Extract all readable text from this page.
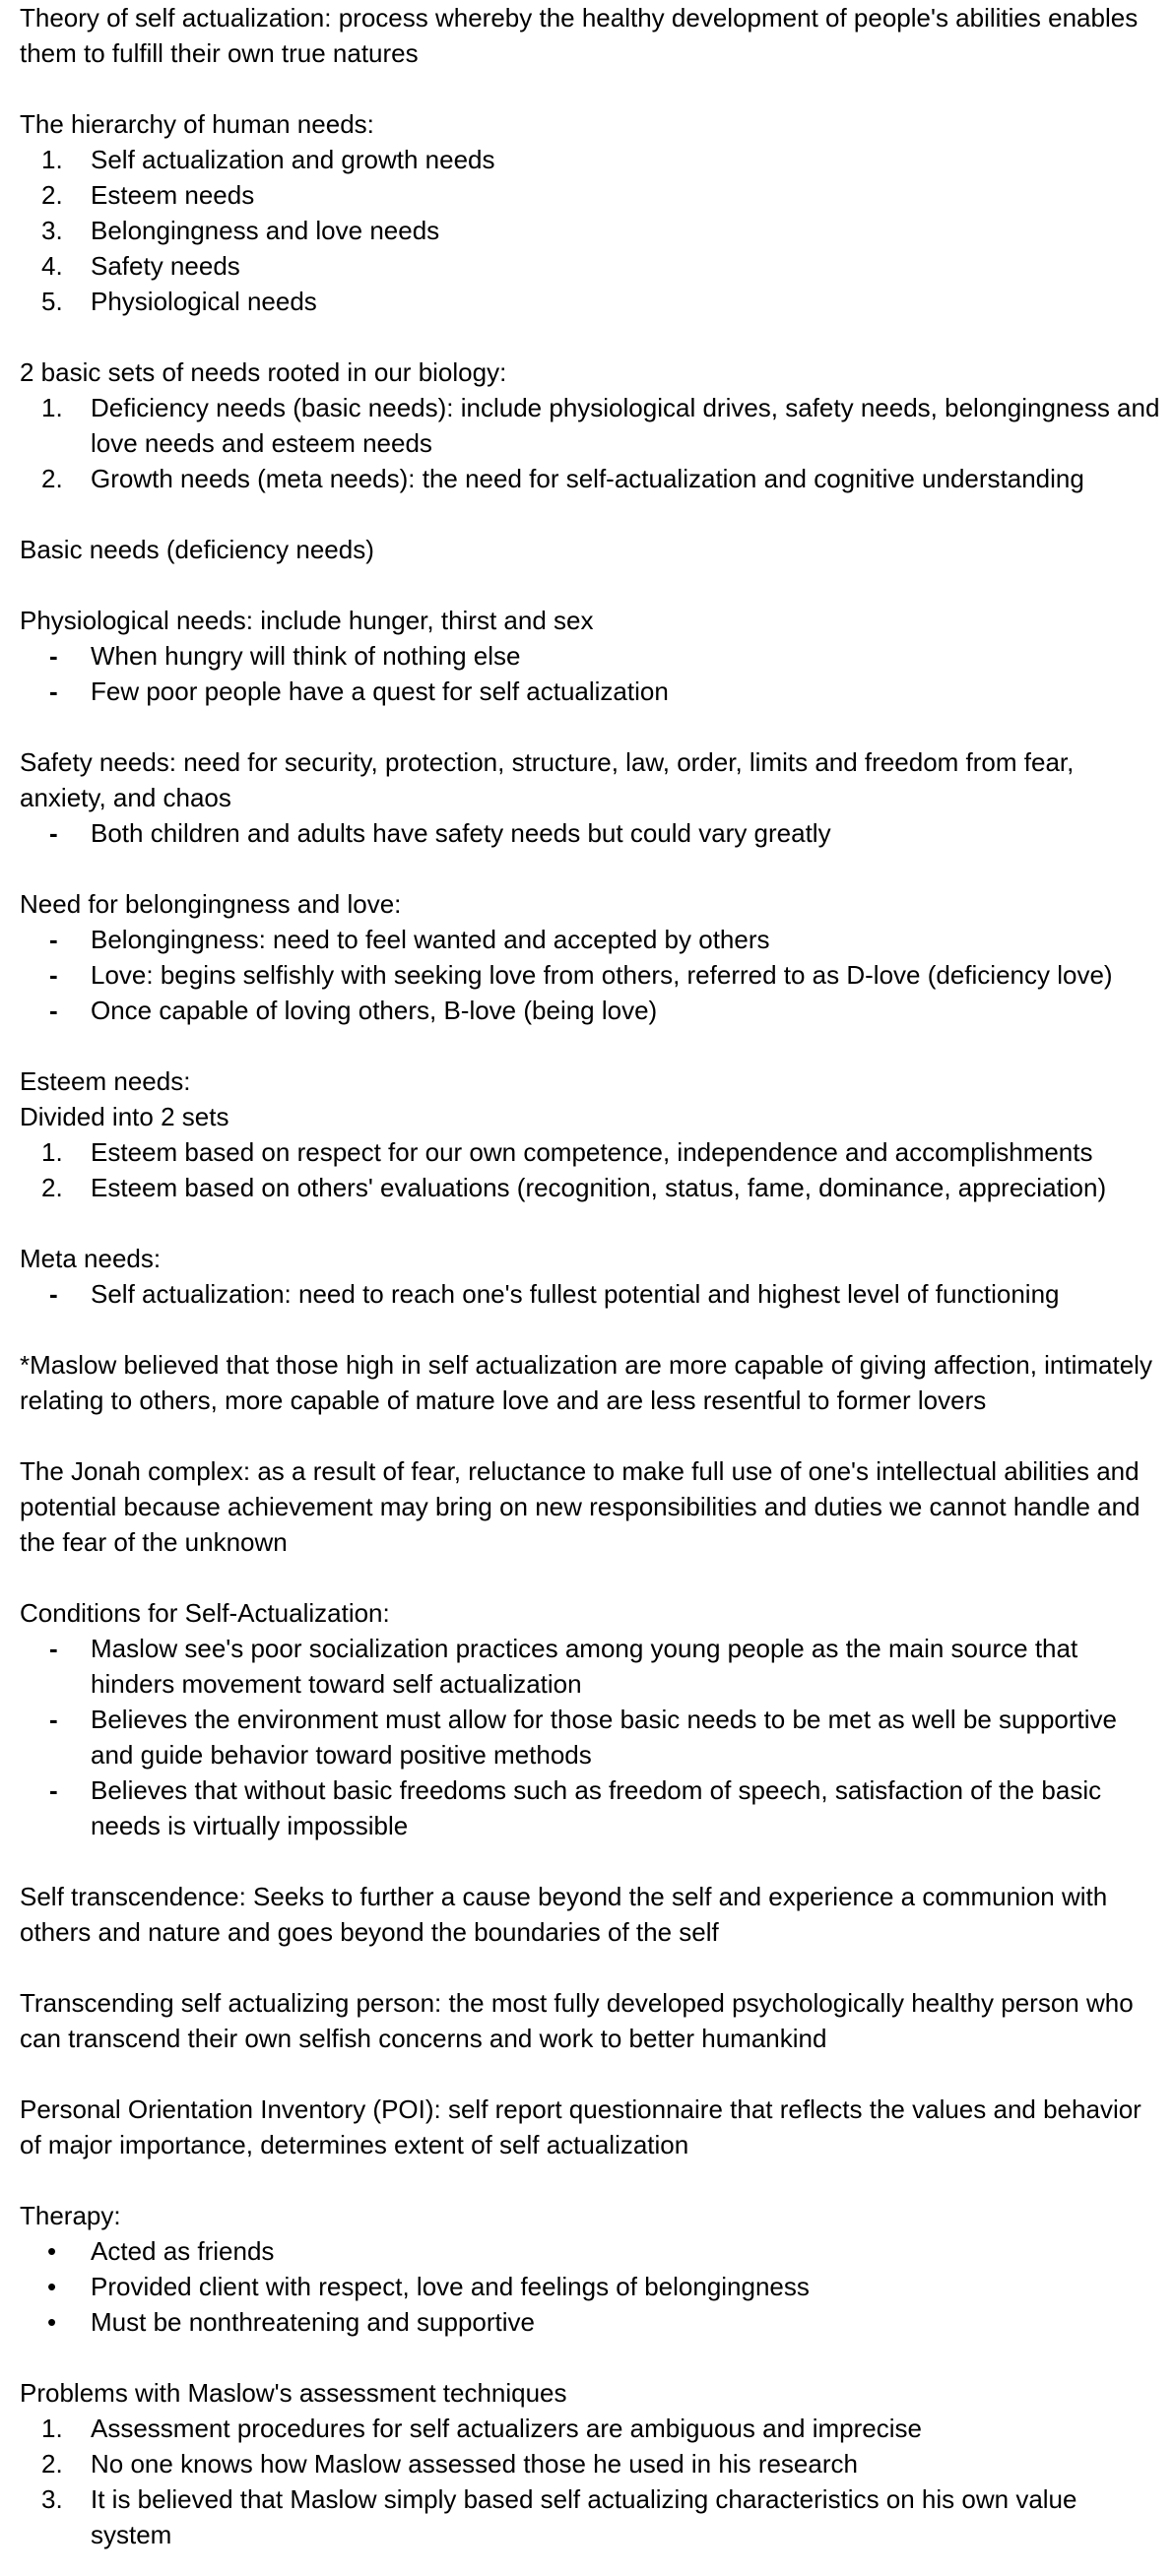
Theory of self actualization: process whereby the healthy development of people's abilities enables them to fulfill their own true natures

The hierarchy of human needs:

1.	Self actualization and growth needs
2.	Esteem needs
3.	Belongingness and love needs
4.	Safety needs
5.	Physiological needs

2 basic sets of needs rooted in our biology:

1.	Deficiency needs (basic needs): include physiological drives, safety needs, belongingness and love needs and esteem needs
2.	Growth needs (meta needs): the need for self-actualization and cognitive understanding

Basic needs (deficiency needs)

Physiological needs: include hunger, thirst and sex

-	When hungry will think of nothing else
-	Few poor people have a quest for self actualization

Safety needs: need for security, protection, structure, law, order, limits and freedom from fear, anxiety, and chaos

-	Both children and adults have safety needs but could vary greatly

Need for belongingness and love:

-	Belongingness: need to feel wanted and accepted by others
-	Love: begins selfishly with seeking love from others, referred to as D-love (deficiency love)
-	Once capable of loving others, B-love (being love)

Esteem needs:

Divided into 2 sets

1.	Esteem based on respect for our own competence, independence and accomplishments
2.	Esteem based on others' evaluations (recognition, status, fame, dominance, appreciation)

Meta needs:

-	Self actualization: need to reach one's fullest potential and highest level of functioning

*Maslow believed that those high in self actualization are more capable of giving affection, intimately relating to others, more capable of mature love and are less resentful to former lovers

The Jonah complex: as a result of fear, reluctance to make full use of one's intellectual abilities and potential because achievement may bring on new responsibilities and duties we cannot handle and the fear of the unknown

Conditions for Self-Actualization:

-	Maslow see's poor socialization practices among young people as the main source that hinders movement toward self actualization
-	Believes the environment must allow for those basic needs to be met as well be supportive and guide behavior toward positive methods
-	Believes that without basic freedoms such as freedom of speech, satisfaction of the basic needs is virtually impossible

Self transcendence: Seeks to further a cause beyond the self and experience a communion with others and nature and goes beyond the boundaries of the self

Transcending self actualizing person: the most fully developed psychologically healthy person who can transcend their own selfish concerns and work to better humankind

Personal Orientation Inventory (POI): self report questionnaire that reflects the values and behavior of major importance, determines extent of self actualization

Therapy:

•	Acted as friends
•	Provided client with respect, love and feelings of belongingness
•	Must be nonthreatening and supportive

Problems with Maslow's assessment techniques

1.	Assessment procedures for self actualizers are ambiguous and imprecise
2.	No one knows how Maslow assessed those he used in his research
3.	It is believed that Maslow simply based self actualizing characteristics on his own value system
